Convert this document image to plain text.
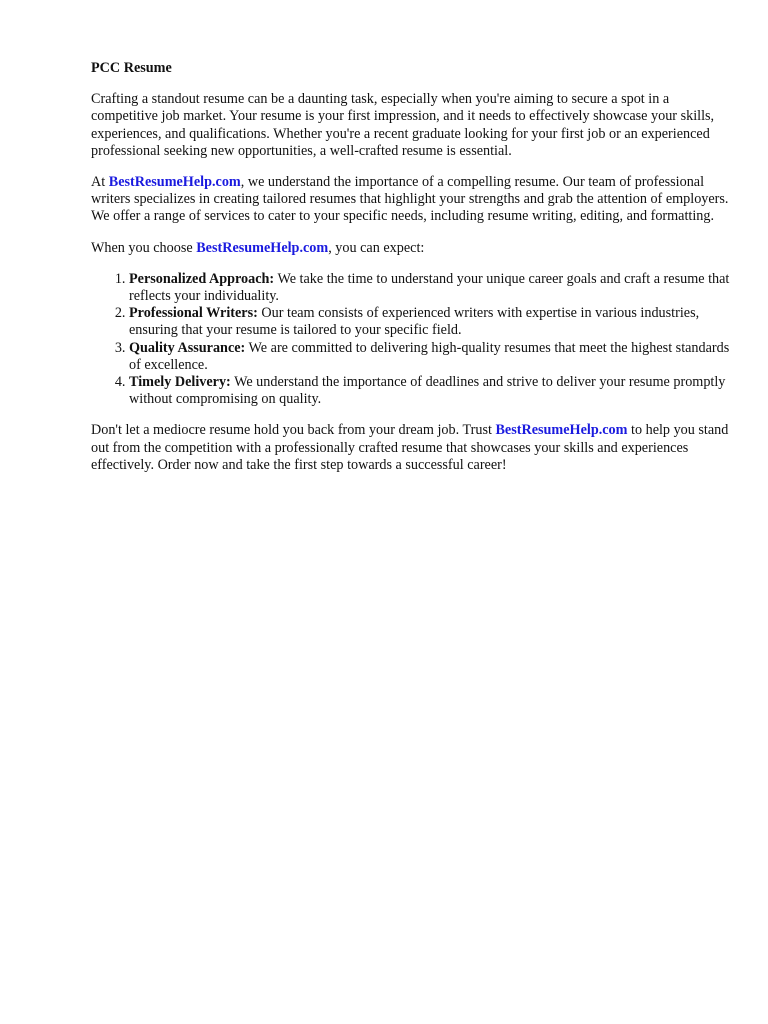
PCC Resume

Crafting a standout resume can be a daunting task, especially when you're aiming to secure a spot in a competitive job market. Your resume is your first impression, and it needs to effectively showcase your skills, experiences, and qualifications. Whether you're a recent graduate looking for your first job or an experienced professional seeking new opportunities, a well-crafted resume is essential.

At BestResumeHelp.com, we understand the importance of a compelling resume. Our team of professional writers specializes in creating tailored resumes that highlight your strengths and grab the attention of employers. We offer a range of services to cater to your specific needs, including resume writing, editing, and formatting.

When you choose BestResumeHelp.com, you can expect:

1. Personalized Approach: We take the time to understand your unique career goals and craft a resume that reflects your individuality.
2. Professional Writers: Our team consists of experienced writers with expertise in various industries, ensuring that your resume is tailored to your specific field.
3. Quality Assurance: We are committed to delivering high-quality resumes that meet the highest standards of excellence.
4. Timely Delivery: We understand the importance of deadlines and strive to deliver your resume promptly without compromising on quality.

Don't let a mediocre resume hold you back from your dream job. Trust BestResumeHelp.com to help you stand out from the competition with a professionally crafted resume that showcases your skills and experiences effectively. Order now and take the first step towards a successful career!
